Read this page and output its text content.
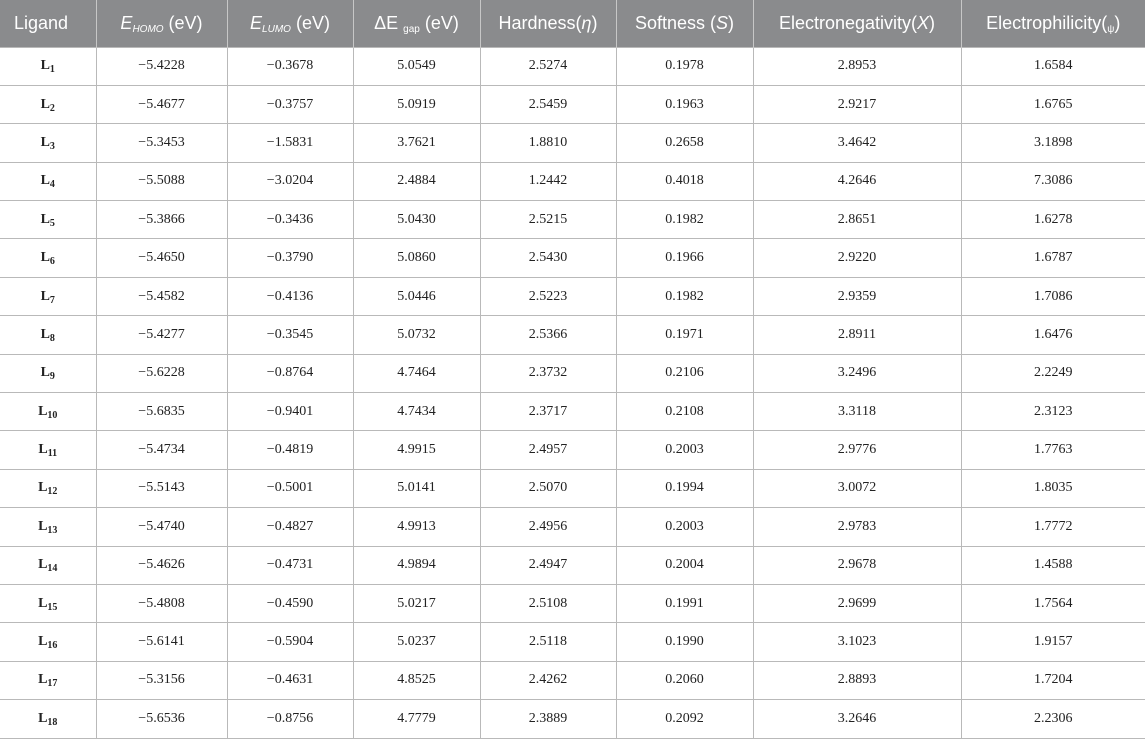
Ligand	$E_{HOMO}$ (eV)	$E_{LUMO}$ (eV)	ΔE $_{gap}$ (eV)	Hardness(η)	Softness (S)	Electronegativity(X)	$Electrophilicity(_\psi)$
$L_1$	−5.4228	−0.3678	5.0549	2.5274	0.1978	2.8953	1.6584
$L_2$	−5.4677	−0.3757	5.0919	2.5459	0.1963	2.9217	1.6765
$L_3$	−5.3453	−1.5831	3.7621	1.8810	0.2658	3.4642	3.1898
$L_4$	−5.5088	−3.0204	2.4884	1.2442	0.4018	4.2646	7.3086
$L_5$	−5.3866	−0.3436	5.0430	2.5215	0.1982	2.8651	1.6278
$L_6$	−5.4650	−0.3790	5.0860	2.5430	0.1966	2.9220	1.6787
$L_7$	−5.4582	−0.4136	5.0446	2.5223	0.1982	2.9359	1.7086
$L_8$	−5.4277	−0.3545	5.0732	2.5366	0.1971	2.8911	1.6476
$L_9$	−5.6228	−0.8764	4.7464	2.3732	0.2106	3.2496	2.2249
$L_{10}$	−5.6835	−0.9401	4.7434	2.3717	0.2108	3.3118	2.3123
$L_{11}$	−5.4734	−0.4819	4.9915	2.4957	0.2003	2.9776	1.7763
$L_{12}$	−5.5143	−0.5001	5.0141	2.5070	0.1994	3.0072	1.8035
$L_{13}$	−5.4740	−0.4827	4.9913	2.4956	0.2003	2.9783	1.7772
$L_{14}$	−5.4626	−0.4731	4.9894	2.4947	0.2004	2.9678	1.4588
$L_{15}$	−5.4808	−0.4590	5.0217	2.5108	0.1991	2.9699	1.7564
$L_{16}$	−5.6141	−0.5904	5.0237	2.5118	0.1990	3.1023	1.9157
$L_{17}$	−5.3156	−0.4631	4.8525	2.4262	0.2060	2.8893	1.7204
$L_{18}$	−5.6536	−0.8756	4.7779	2.3889	0.2092	3.2646	2.2306
